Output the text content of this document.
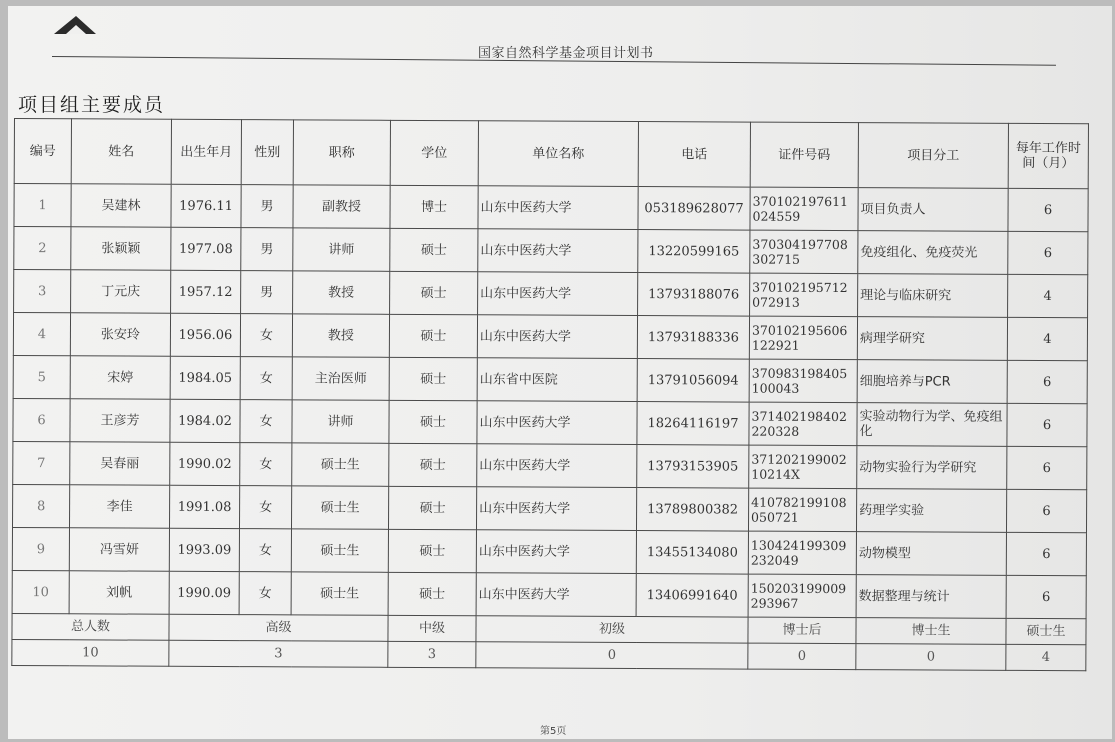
国家自然科学基金项目计划书
项目组主要成员
编号	姓名	出生年月	性别	职称	学位	单位名称	电话	证件号码	项目分工	每年工作时间（月）
1	吴建林	1976.11	男	副教授	博士	山东中医药大学	053189628077	370102197611024559	项目负责人	6
2	张颖颖	1977.08	男	讲师	硕士	山东中医药大学	13220599165	370304197708302715	免疫组化、免疫荧光	6
3	丁元庆	1957.12	男	教授	硕士	山东中医药大学	13793188076	370102195712072913	理论与临床研究	4
4	张安玲	1956.06	女	教授	硕士	山东中医药大学	13793188336	370102195606122921	病理学研究	4
5	宋婷	1984.05	女	主治医师	硕士	山东省中医院	13791056094	370983198405100043	细胞培养与PCR	6
6	王彦芳	1984.02	女	讲师	硕士	山东中医药大学	18264116197	371402198402220328	实验动物行为学、免疫组化	6
7	吴春丽	1990.02	女	硕士生	硕士	山东中医药大学	13793153905	37120219900210214X	动物实验行为学研究	6
8	李佳	1991.08	女	硕士生	硕士	山东中医药大学	13789800382	410782199108050721	药理学实验	6
9	冯雪妍	1993.09	女	硕士生	硕士	山东中医药大学	13455134080	130424199309232049	动物模型	6
10	刘帆	1990.09	女	硕士生	硕士	山东中医药大学	13406991640	150203199009293967	数据整理与统计	6
总人数		高级			中级	初级		博士后	博士生	硕士生
10		3			3	0		0	0	4
第5页
